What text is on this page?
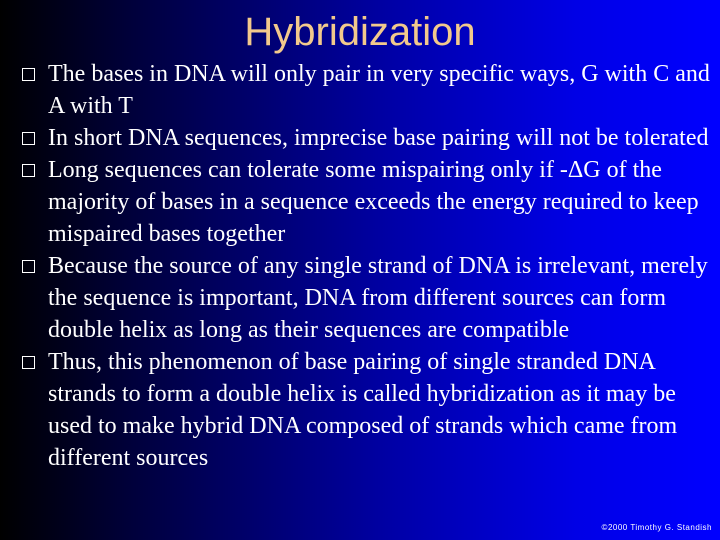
Hybridization
The bases in DNA will only pair in very specific ways, G with C and A with T
In short DNA sequences, imprecise base pairing will not be tolerated
Long sequences can tolerate some mispairing only if -ΔG of the majority of bases in a sequence exceeds the energy required to keep mispaired bases together
Because the source of any single strand of DNA is irrelevant, merely the sequence is important, DNA from different sources can form double helix as long as their sequences are compatible
Thus, this phenomenon of base pairing of single stranded DNA strands to form a double helix is called hybridization as it may be used to make hybrid DNA composed of strands which came from different sources
©2000 Timothy G. Standish
